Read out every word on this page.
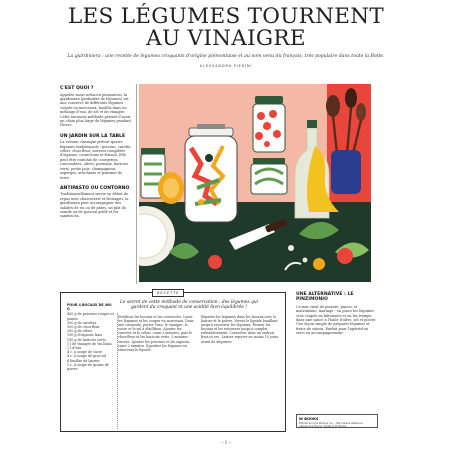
LES LÉGUMES TOURNENT
AU VINAIGRE
La giardiniera : une recette de légumes croquants d'origine piémontaise et au nom venu du français, très populaire dans toute la Botte.
ALESSANDRA PIERINI

C'EST QUOI ?

Appelée aussi sottaceti piemontesi, la giardiniera (jardinière de légumes) est une conserve de différents légumes coupés en morceaux, bouillis dans un mélange d'eau, de sel et de vinaigre. Cette ancienne méthode permet d'avoir un choix plus large de légumes pendant l'hiver.

UN JARDIN SUR LA TABLE

La version classique prévoit quatre légumes traditionnels : poivron, carotte, céleri, chou-fleur, souvent complétés d'oignons, cornichons et fenouil. Elle peut être enrichie de courgettes, concombres, olives, poireaux, haricots verts, petits pois, champignons, asperges, artichauts et pommes de terre.

ANTIPASTO OU CONTORNO

Traditionnellement servie en début de repas avec charcuterie et fromages, la giardiniera peut accompagner des salades de riz ou de pâtes, un plat de viande ou de poisson grillé et les sandwichs.

RECETTE
Le secret de cette méthode de conservation : des légumes qui gardent du croquant et une acidité bien équilibrée !

POUR 4 BOCAUX DE 400 G

400 g de poivrons rouges et jaunes

300 g de carottes

300 g de chou-fleur

200 g de céleri

150 g d'oignons frais

150 g de haricots verts

1 l de vinaigre de vin blanc

1 l d'eau

4 c. à soupe de sucre

4 c. à soupe de gros sel

6 feuilles de laurier

1 c. à soupe de grains de poivre

Stériliser les bocaux et les couvercles. Laver les légumes et les couper en morceaux. Dans une casserole, porter l'eau, le vinaigre, le sucre et le sel à ébullition. Ajouter les carottes et le céleri, cuire 3 minutes, puis le chou-fleur et les haricots verts, 3 minutes encore. Ajouter les poivrons et les oignons, cuire 2 minutes. Égoutter les légumes en réservant le liquide.
Répartir les légumes dans les bocaux avec le laurier et le poivre. Verser le liquide bouillant jusqu'à recouvrir les légumes. Fermer les bocaux et les retourner jusqu'à complet refroidissement. Conserver dans un endroit frais et sec. Laisser reposer au moins 15 jours avant de déguster.

UNE ALTERNATIVE : LE PINZIMONIO

Ce mot vient de pinzare, pincer, et matrimonio, mariage : on pince les légumes crus coupés en bâtonnets et on les trempe dans une sauce à l'huile d'olive, sel et poivre. Une façon simple de préparer légumes et fruits de saison. Parfait pour l'apéritif ou servi en accompagnement.

W BOOKS
Extrait du livre Pizza & Co. – Ma Cuisine Italienne, Alessandra Pierini, éditions W Books.
– 1 –
